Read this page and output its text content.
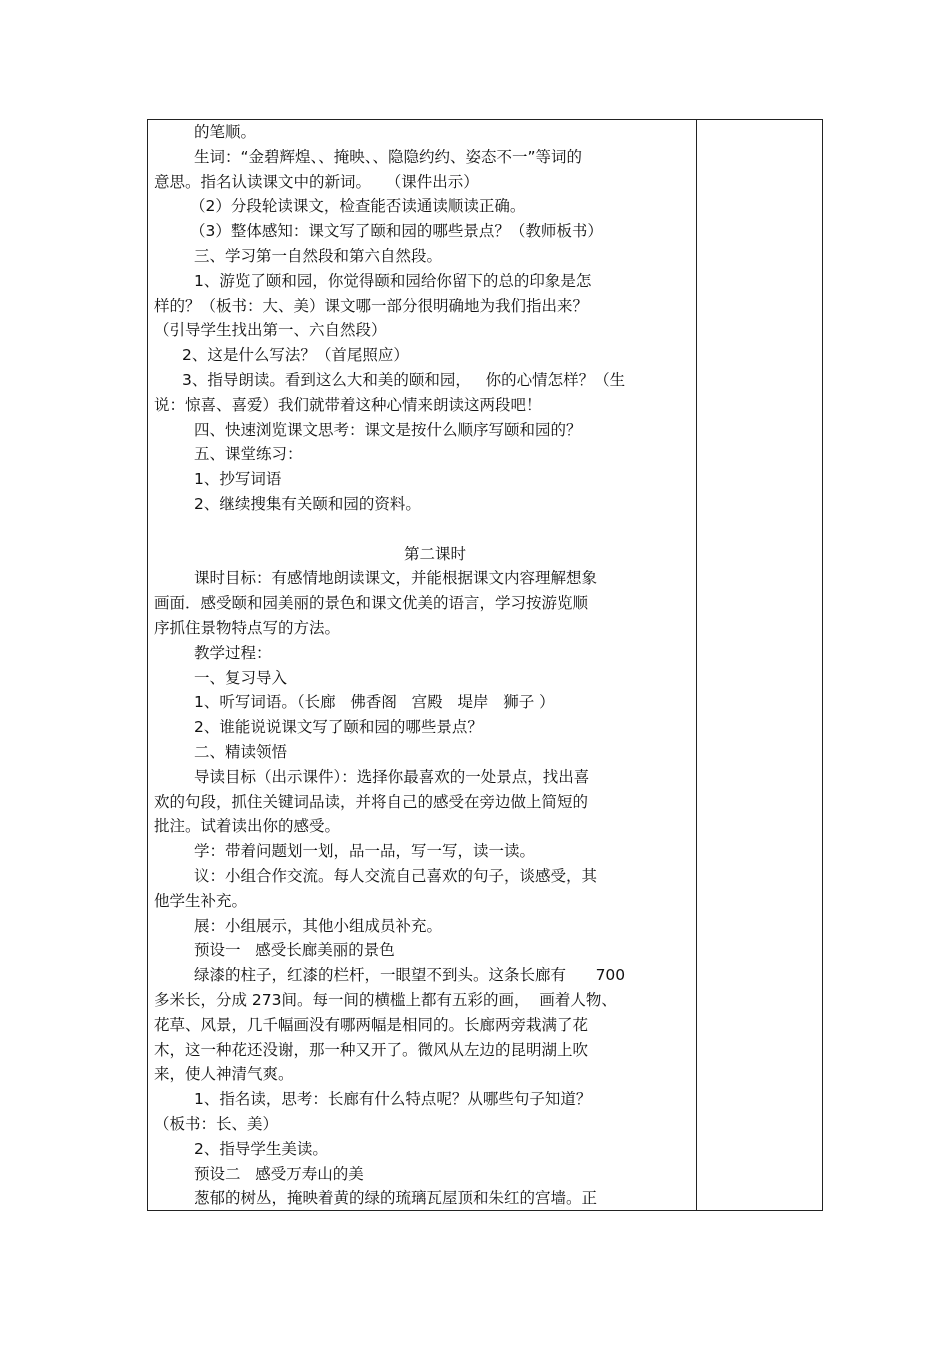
的笔顺。
生词：“金碧辉煌、、掩映、、隐隐约约、姿态不一”等词的
意思。指名认读课文中的新词。   （课件出示）
（2）分段轮读课文，检查能否读通读顺读正确。
（3）整体感知：课文写了颐和园的哪些景点？（教师板书）
三、学习第一自然段和第六自然段。
1、游览了颐和园，你觉得颐和园给你留下的总的印象是怎
样的？（板书：大、美）课文哪一部分很明确地为我们指出来？
（引导学生找出第一、六自然段）
2、这是什么写法？（首尾照应）
3、指导朗读。看到这么大和美的颐和园，   你的心情怎样？（生
说：惊喜、喜爱）我们就带着这种心情来朗读这两段吧！
四、快速浏览课文思考：课文是按什么顺序写颐和园的？
五、课堂练习：
1、抄写词语
2、继续搜集有关颐和园的资料。
第二课时
课时目标：有感情地朗读课文，并能根据课文内容理解想象
画面．感受颐和园美丽的景色和课文优美的语言，学习按游览顺
序抓住景物特点写的方法。
教学过程：
一、复习导入
1、听写词语。（长廊   佛香阁   宫殿   堤岸   狮子 ）
2、谁能说说课文写了颐和园的哪些景点？
二、精读领悟
导读目标（出示课件）：选择你最喜欢的一处景点，找出喜
欢的句段，抓住关键词品读，并将自己的感受在旁边做上简短的
批注。试着读出你的感受。
学：带着问题划一划，品一品，写一写，读一读。
议：小组合作交流。每人交流自己喜欢的句子，谈感受，其
他学生补充。
展：小组展示，其他小组成员补充。
预设一   感受长廊美丽的景色
绿漆的柱子，红漆的栏杆，一眼望不到头。这条长廊有      700
多米长，分成 273间。每一间的横槛上都有五彩的画，  画着人物、
花草、风景，几千幅画没有哪两幅是相同的。长廊两旁栽满了花
木，这一种花还没谢，那一种又开了。微风从左边的昆明湖上吹
来，使人神清气爽。
1、指名读，思考：长廊有什么特点呢？从哪些句子知道？
（板书：长、美）
2、指导学生美读。
预设二   感受万寿山的美
葱郁的树丛，掩映着黄的绿的琉璃瓦屋顶和朱红的宫墙。正
